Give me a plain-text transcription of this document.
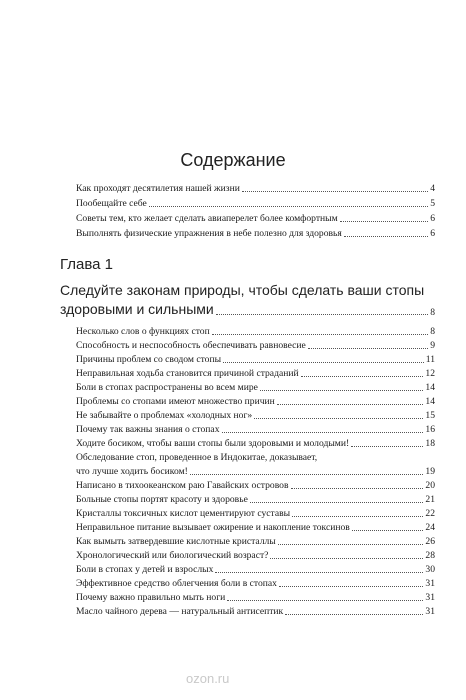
Содержание
Как проходят десятилетия нашей жизни	4
Пообещайте себе	5
Советы тем, кто желает сделать авиаперелет более комфортным	6
Выполнять физические упражнения в небе полезно для здоровья	6
Глава 1
Следуйте законам природы, чтобы сделать ваши стопы
здоровыми и сильными	8
Несколько слов о функциях стоп	8
Способность и неспособность обеспечивать равновесие	9
Причины проблем со сводом стопы	11
Неправильная ходьба становится причиной страданий	12
Боли в стопах распространены во всем мире	14
Проблемы со стопами имеют множество причин	14
Не забывайте о проблемах «холодных ног»	15
Почему так важны знания о стопах	16
Ходите босиком, чтобы ваши стопы были здоровыми и молодыми!	18
Обследование стоп, проведенное в Индокитае, доказывает,
что лучше ходить босиком!	19
Написано в тихоокеанском раю Гавайских островов	20
Больные стопы портят красоту и здоровье	21
Кристаллы токсичных кислот цементируют суставы	22
Неправильное питание вызывает ожирение и накопление токсинов	24
Как вымыть затвердевшие кислотные кристаллы	26
Хронологический или биологический возраст?	28
Боли в стопах у детей и взрослых	30
Эффективное средство облегчения боли в стопах	31
Почему важно правильно мыть ноги	31
Масло чайного дерева — натуральный антисептик	31
ozon.ru
